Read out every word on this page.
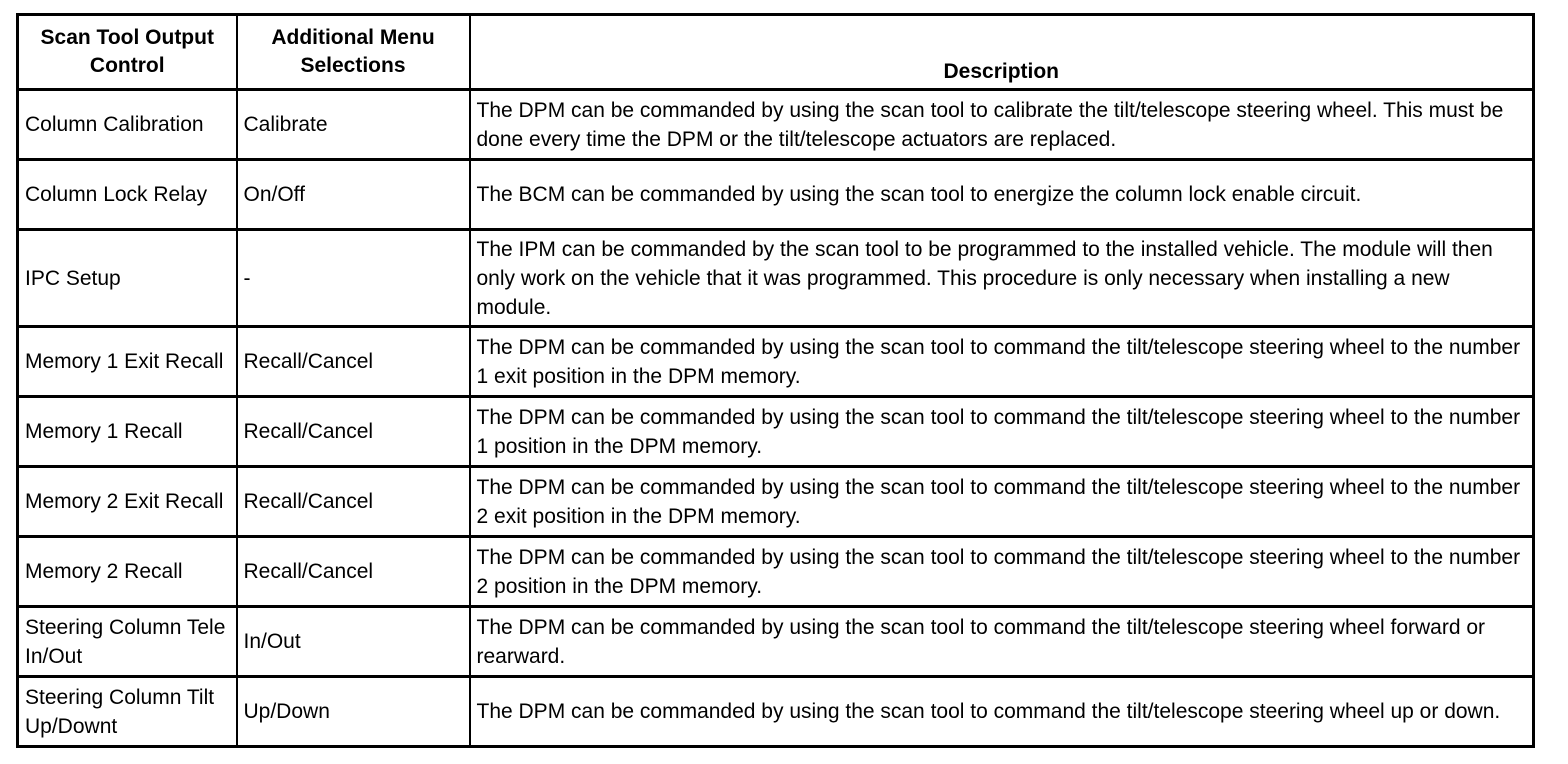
Scan Tool Output Control	Additional Menu Selections	Description
Column Calibration	Calibrate	The DPM can be commanded by using the scan tool to calibrate the tilt/telescope steering wheel. This must be done every time the DPM or the tilt/telescope actuators are replaced.
Column Lock Relay	On/Off	The BCM can be commanded by using the scan tool to energize the column lock enable circuit.
IPC Setup	-	The IPM can be commanded by the scan tool to be programmed to the installed vehicle. The module will then only work on the vehicle that it was programmed. This procedure is only necessary when installing a new module.
Memory 1 Exit Recall	Recall/Cancel	The DPM can be commanded by using the scan tool to command the tilt/telescope steering wheel to the number 1 exit position in the DPM memory.
Memory 1 Recall	Recall/Cancel	The DPM can be commanded by using the scan tool to command the tilt/telescope steering wheel to the number 1 position in the DPM memory.
Memory 2 Exit Recall	Recall/Cancel	The DPM can be commanded by using the scan tool to command the tilt/telescope steering wheel to the number 2 exit position in the DPM memory.
Memory 2 Recall	Recall/Cancel	The DPM can be commanded by using the scan tool to command the tilt/telescope steering wheel to the number 2 position in the DPM memory.
Steering Column Tele In/Out	In/Out	The DPM can be commanded by using the scan tool to command the tilt/telescope steering wheel forward or rearward.
Steering Column Tilt Up/Downt	Up/Down	The DPM can be commanded by using the scan tool to command the tilt/telescope steering wheel up or down.
